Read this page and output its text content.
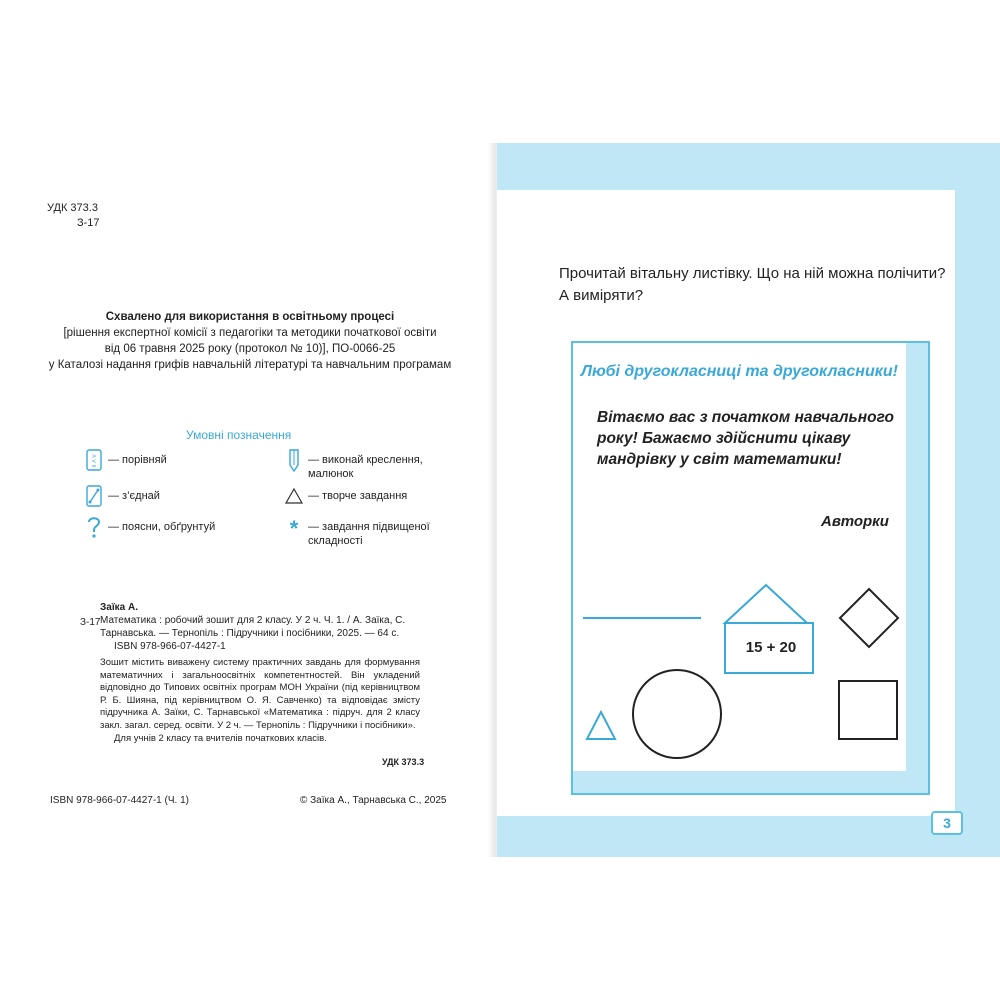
УДК 373.3
З-17
Схвалено для використання в освітньому процесі
[рішення експертної комісії з педагогіки та методики початкової освіти
від 06 травня 2025 року (протокол № 10)], ПО-0066-25
у Каталозі надання грифів навчальній літературі та навчальним програмам
Умовні позначення
>
<
=
— порівняй	— виконай креслення, малюнок
— з’єднай	— творче завдання
— поясни, обґрунтуй	* — завдання підвищеної складності
Заїка А.
З-17 Математика : робочий зошит для 2 класу. У 2 ч. Ч. 1. / А. Заїка, С. Тарнавська. — Тернопіль : Підручники і посібники, 2025. — 64 с.
ISBN 978-966-07-4427-1
Зошит містить виважену систему практичних завдань для формування математичних і загальноосвітніх компетентностей. Він укладений відповідно до Типових освітніх програм МОН України (під керівництвом Р. Б. Шияна, під керівництвом О. Я. Савченко) та відповідає змісту підручника А. Заїки, С. Тарнавської «Математика : підруч. для 2 класу закл. загал. серед. освіти. У 2 ч. — Тернопіль : Підручники і посібники».
Для учнів 2 класу та вчителів початкових класів.
УДК 373.3
ISBN 978-966-07-4427-1 (Ч. 1)	© Заїка А., Тарнавська С., 2025
Прочитай вітальну листівку. Що на ній можна полічити? А виміряти?
Любі другокласниці та другокласники!
Вітаємо вас з початком навчального року! Бажаємо здійснити цікаву мандрівку у світ математики!
Авторки
15 + 20
3
